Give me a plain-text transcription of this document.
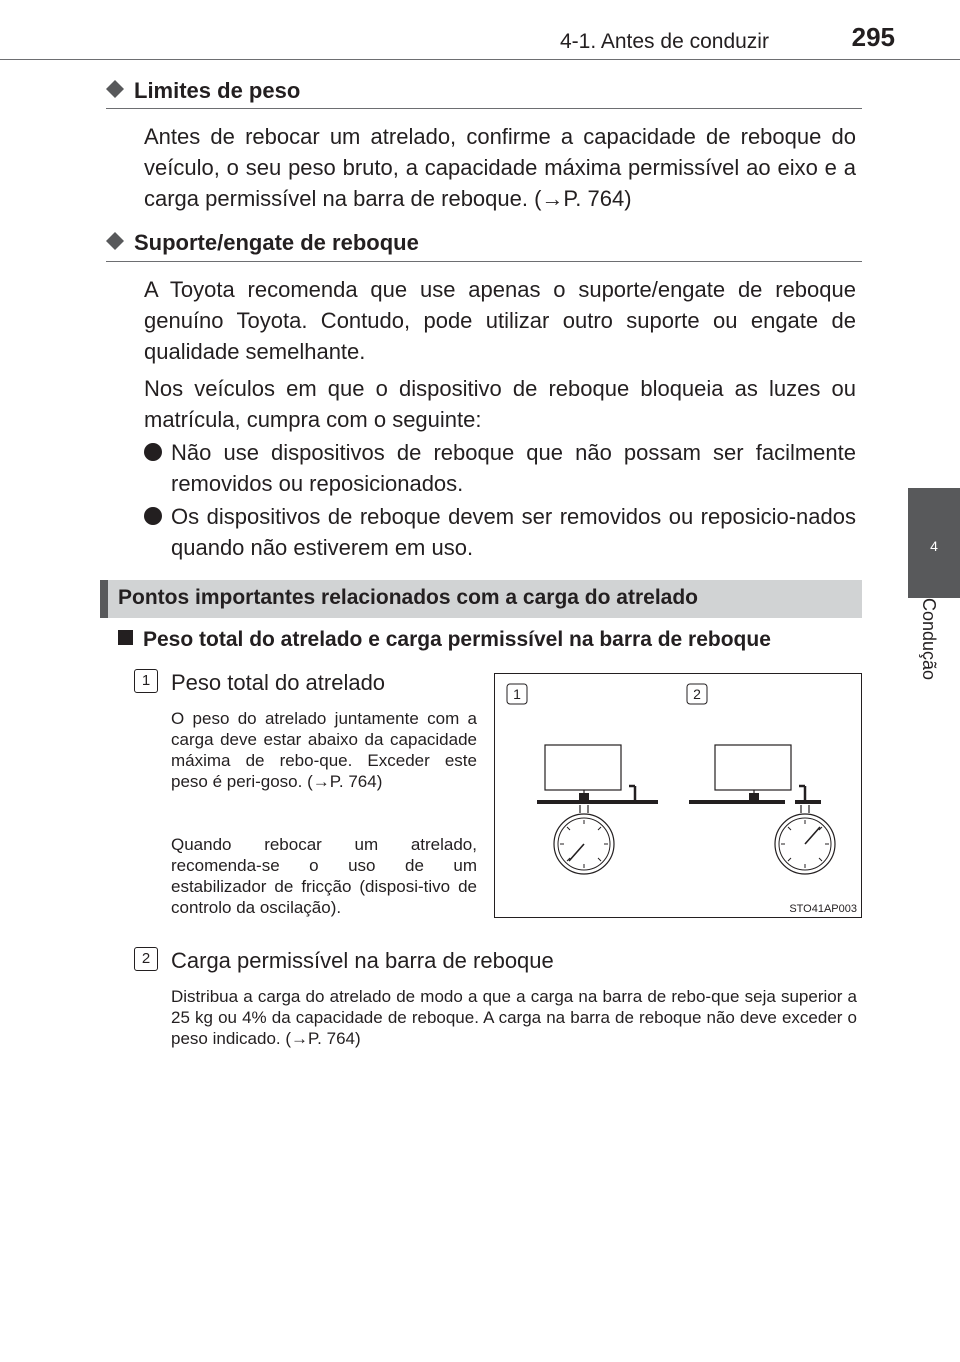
4-1. Antes de conduzir	295
4
Condução
Limites de peso
Antes de rebocar um atrelado, confirme a capacidade de reboque do veículo, o seu peso bruto, a capacidade máxima permissível ao eixo e a carga permissível na barra de reboque. (→P. 764)
Suporte/engate de reboque
A Toyota recomenda que use apenas o suporte/engate de reboque genuíno Toyota. Contudo, pode utilizar outro suporte ou engate de qualidade semelhante.
Nos veículos em que o dispositivo de reboque bloqueia as luzes ou matrícula, cumpra com o seguinte:
Não use dispositivos de reboque que não possam ser facilmente removidos ou reposicionados.
Os dispositivos de reboque devem ser removidos ou reposicio-nados quando não estiverem em uso.
Pontos importantes relacionados com a carga do atrelado
Peso total do atrelado e carga permissível na barra de reboque
1 Peso total do atrelado
O peso do atrelado juntamente com a carga deve estar abaixo da capacidade máxima de rebo-que. Exceder este peso é peri-goso. (→P. 764)
Quando rebocar um atrelado, recomenda-se o uso de um estabilizador de fricção (disposi-tivo de controlo da oscilação).
1	2
STO41AP003
2 Carga permissível na barra de reboque
Distribua a carga do atrelado de modo a que a carga na barra de rebo-que seja superior a 25 kg ou 4% da capacidade de reboque. A carga na barra de reboque não deve exceder o peso indicado. (→P. 764)
